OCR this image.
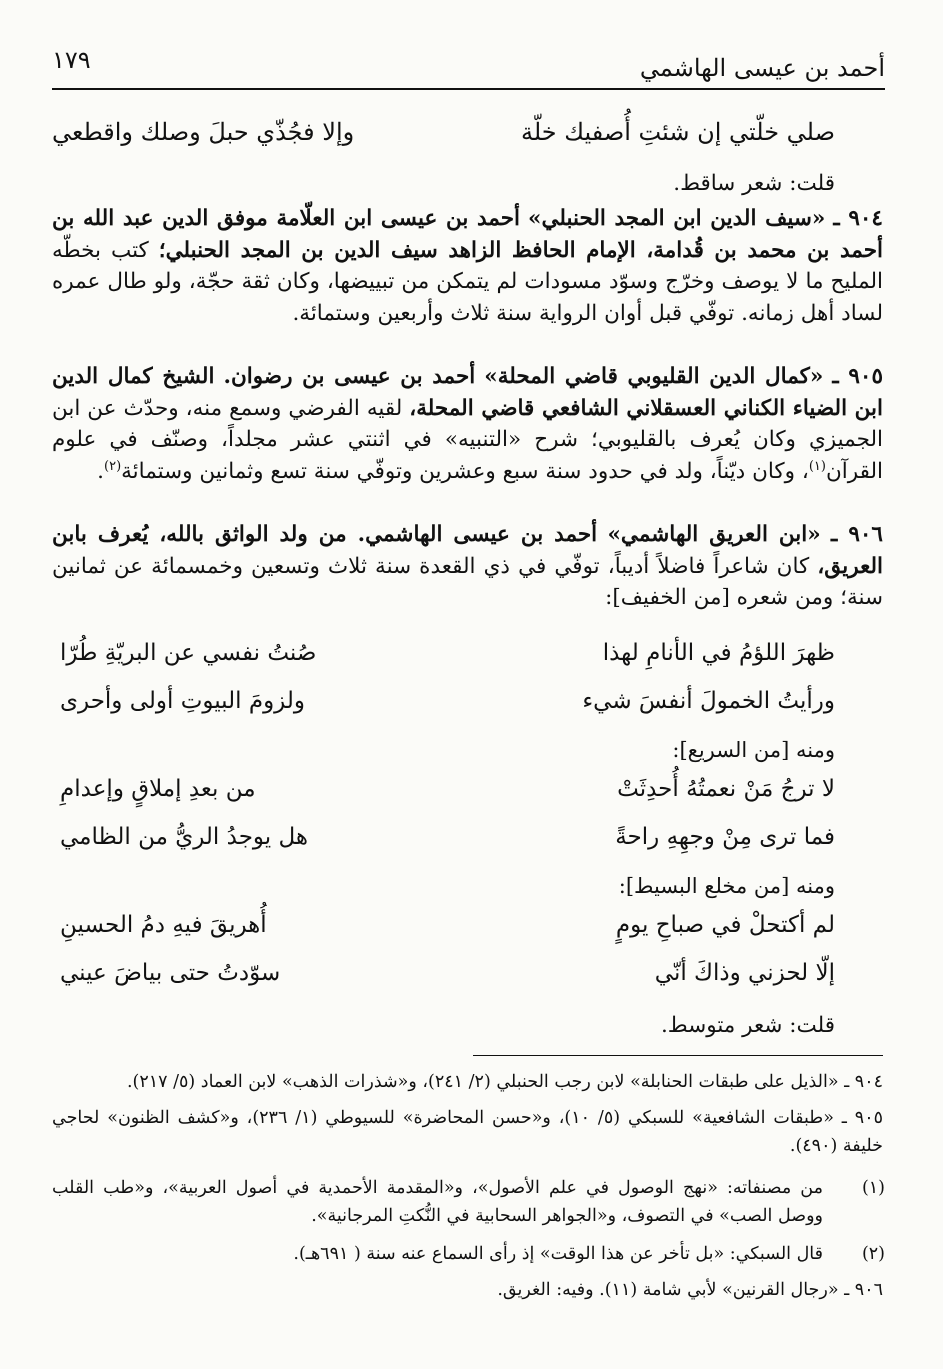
أحمد بن عيسى الهاشمي
١٧٩
صلي خلّتي إن شئتِ أُصفيك خلّة
وإلا فجُذّي حبلَ وصلك واقطعي
قلت: شعر ساقط.
٩٠٤ ـ «سيف الدين ابن المجد الحنبلي» أحمد بن عيسى ابن العلّامة موفق الدين عبد الله بن أحمد بن محمد بن قُدامة، الإمام الحافظ الزاهد سيف الدين بن المجد الحنبلي؛ كتب بخطّه المليح ما لا يوصف وخرّج وسوّد مسودات لم يتمكن من تبييضها، وكان ثقة حجّة، ولو طال عمره لساد أهل زمانه. توفّي قبل أوان الرواية سنة ثلاث وأربعين وستمائة.
٩٠٥ ـ «كمال الدين القليوبي قاضي المحلة» أحمد بن عيسى بن رضوان. الشيخ كمال الدين ابن الضياء الكناني العسقلاني الشافعي قاضي المحلة، لقيه الفرضي وسمع منه، وحدّث عن ابن الجميزي وكان يُعرف بالقليوبي؛ شرح «التنبيه» في اثنتي عشر مجلداً، وصنّف في علوم القرآن$^{(١)}$، وكان ديّناً، ولد في حدود سنة سبع وعشرين وتوفّي سنة تسع وثمانين وستمائة$^{(٢)}$.
٩٠٦ ـ «ابن العريق الهاشمي» أحمد بن عيسى الهاشمي. من ولد الواثق بالله، يُعرف بابن العريق، كان شاعراً فاضلاً أديباً، توفّي في ذي القعدة سنة ثلاث وتسعين وخمسمائة عن ثمانين سنة؛ ومن شعره [من الخفيف]:
ظهرَ اللؤمُ في الأنامِ لهذا
صُنتُ نفسي عن البريّةِ طُرّا
ورأيتُ الخمولَ أنفسَ شيء
ولزومَ البيوتِ أولى وأحرى
ومنه [من السريع]:
لا ترجُ مَنْ نعمتُهُ أُحدِثَتْ
من بعدِ إملاقٍ وإعدامِ
فما ترى مِنْ وجهِهِ راحةً
هل يوجدُ الريُّ من الظامي
ومنه [من مخلع البسيط]:
لم أكتحلْ في صباحِ يومٍ
أُهريقَ فيهِ دمُ الحسينِ
إلّا لحزني وذاكَ أنّي
سوّدتُ حتى بياضَ عيني
قلت: شعر متوسط.
٩٠٤ ـ «الذيل على طبقات الحنابلة» لابن رجب الحنبلي (٢/ ٢٤١)، و«شذرات الذهب» لابن العماد (٥/ ٢١٧).
٩٠٥ ـ «طبقات الشافعية» للسبكي (٥/ ١٠)، و«حسن المحاضرة» للسيوطي (١/ ٢٣٦)، و«كشف الظنون» لحاجي خليفة (٤٩٠).
(١)
من مصنفاته: «نهج الوصول في علم الأصول»، و«المقدمة الأحمدية في أصول العربية»، و«طب القلب ووصل الصب» في التصوف، و«الجواهر السحابية في النُّكتِ المرجانية».
(٢)
قال السبكي: «بل تأخر عن هذا الوقت» إذ رأى السماع عنه سنة ( ٦٩١هـ).
٩٠٦ ـ «رجال القرنين» لأبي شامة (١١). وفيه: الغريق.
